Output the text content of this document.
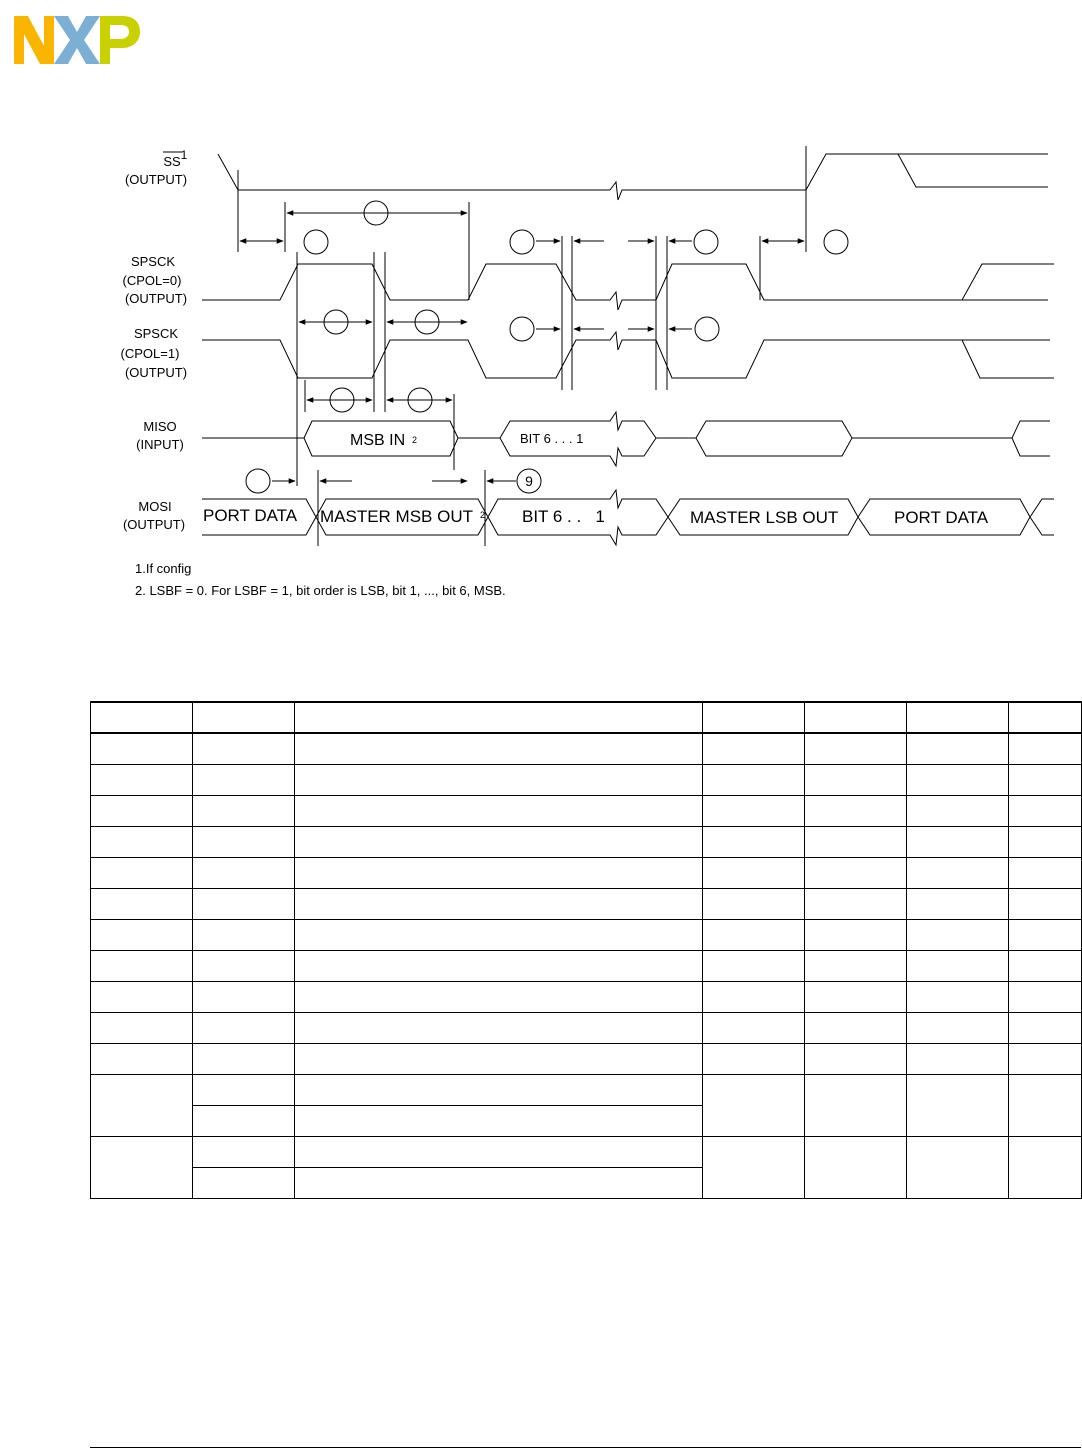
SS 1
(OUTPUT)
SPSCK
(CPOL=0)
(OUTPUT)
SPSCK
(CPOL=1)
(OUTPUT)
MISO
(INPUT)
MOSI
(OUTPUT)
9
MSB IN 2	BIT 6 . . . 1
PORT DATA MASTER MSB OUT 2 BIT 6 . .   1	MASTER LSB OUT	PORT DATA
1.If config
2. LSBF = 0. For LSBF = 1, bit order is LSB, bit 1, ..., bit 6, MSB.
